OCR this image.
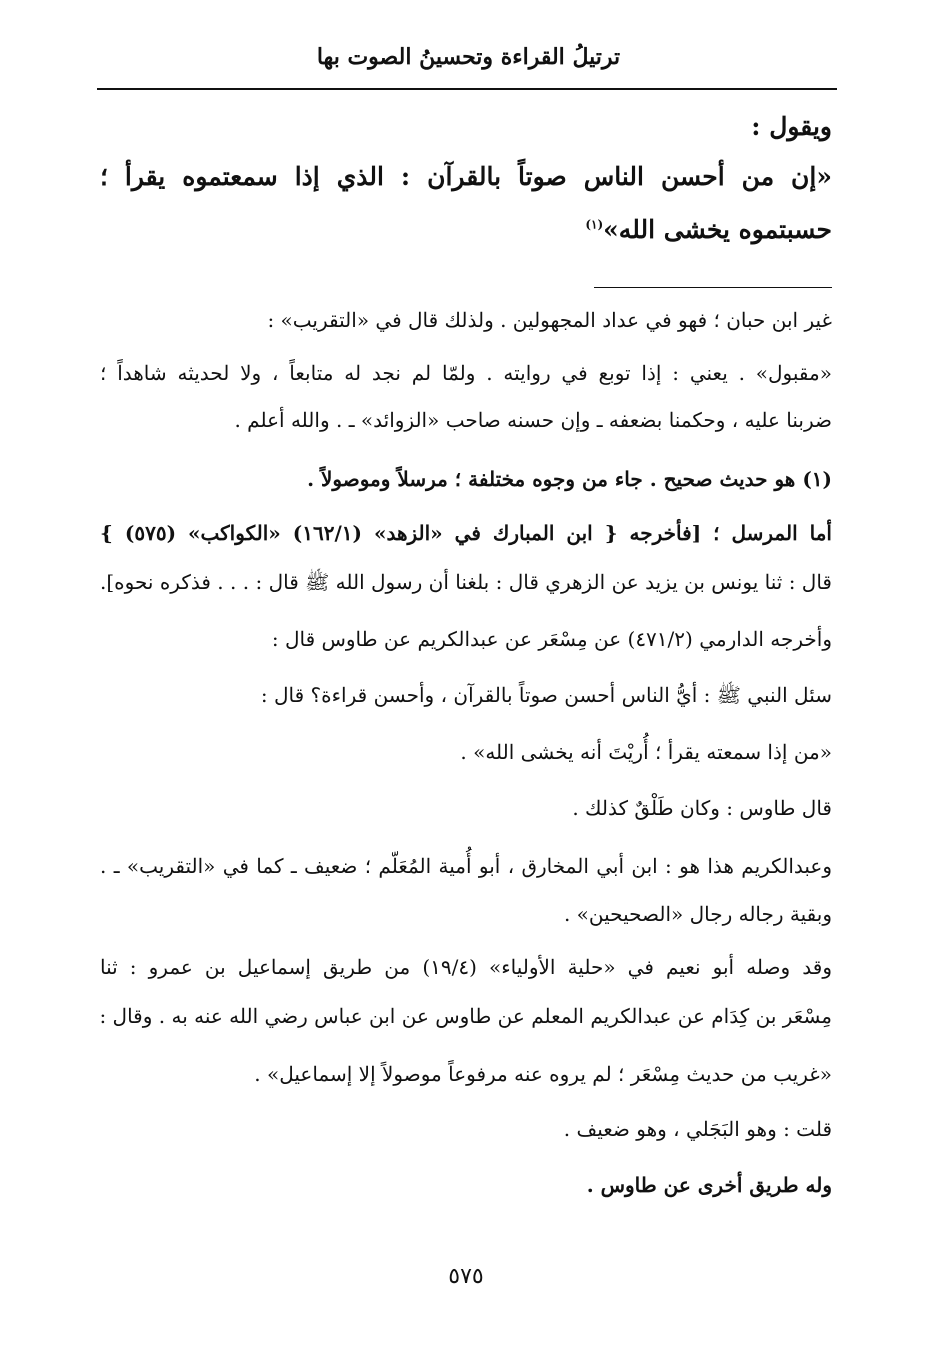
ترتيلُ القراءة وتحسينُ الصوت بها
ويقول :
«إن من أحسن الناس صوتاً بالقرآن : الذي إذا سمعتموه يقرأ ؛
حسبتموه يخشى الله»$^{(١)}$
غير ابن حبان ؛ فهو في عداد المجهولين . ولذلك قال في «التقريب» :
«مقبول» . يعني : إذا توبع في روايته . ولمّا لم نجد له متابعاً ، ولا لحديثه شاهداً ؛
ضربنا عليه ، وحكمنا بضعفه ـ وإن حسنه صاحب «الزوائد» ـ . والله أعلم .
(١) هو حديث صحيح . جاء من وجوه مختلفة ؛ مرسلاً وموصولاً .
أما المرسل ؛ [فأخرجه { ابن المبارك في «الزهد» (١٦٢/١) «الكواكب» (٥٧٥) }
قال : ثنا يونس بن يزيد عن الزهري قال : بلغنا أن رسول الله ﷺ قال : . . . فذكره نحوه].
وأخرجه الدارمي (٤٧١/٢) عن مِسْعَر عن عبدالكريم عن طاوس قال :
سئل النبي ﷺ : أيُّ الناس أحسن صوتاً بالقرآن ، وأحسن قراءة؟ قال :
«من إذا سمعته يقرأ ؛ أُريْتَ أنه يخشى الله» .
قال طاوس : وكان طَلْقٌ كذلك .
وعبدالكريم هذا هو : ابن أبي المخارق ، أبو أُمية المُعَلّم ؛ ضعيف ـ كما في «التقريب» ـ .
وبقية رجاله رجال «الصحيحين» .
وقد وصله أبو نعيم في «حلية الأولياء» (١٩/٤) من طريق إسماعيل بن عمرو : ثنا
مِسْعَر بن كِدَام عن عبدالكريم المعلم عن طاوس عن ابن عباس رضي الله عنه به . وقال :
«غريب من حديث مِسْعَر ؛ لم يروه عنه مرفوعاً موصولاً إلا إسماعيل» .
قلت : وهو البَجَلي ، وهو ضعيف .
وله طريق أخرى عن طاوس .
٥٧٥
